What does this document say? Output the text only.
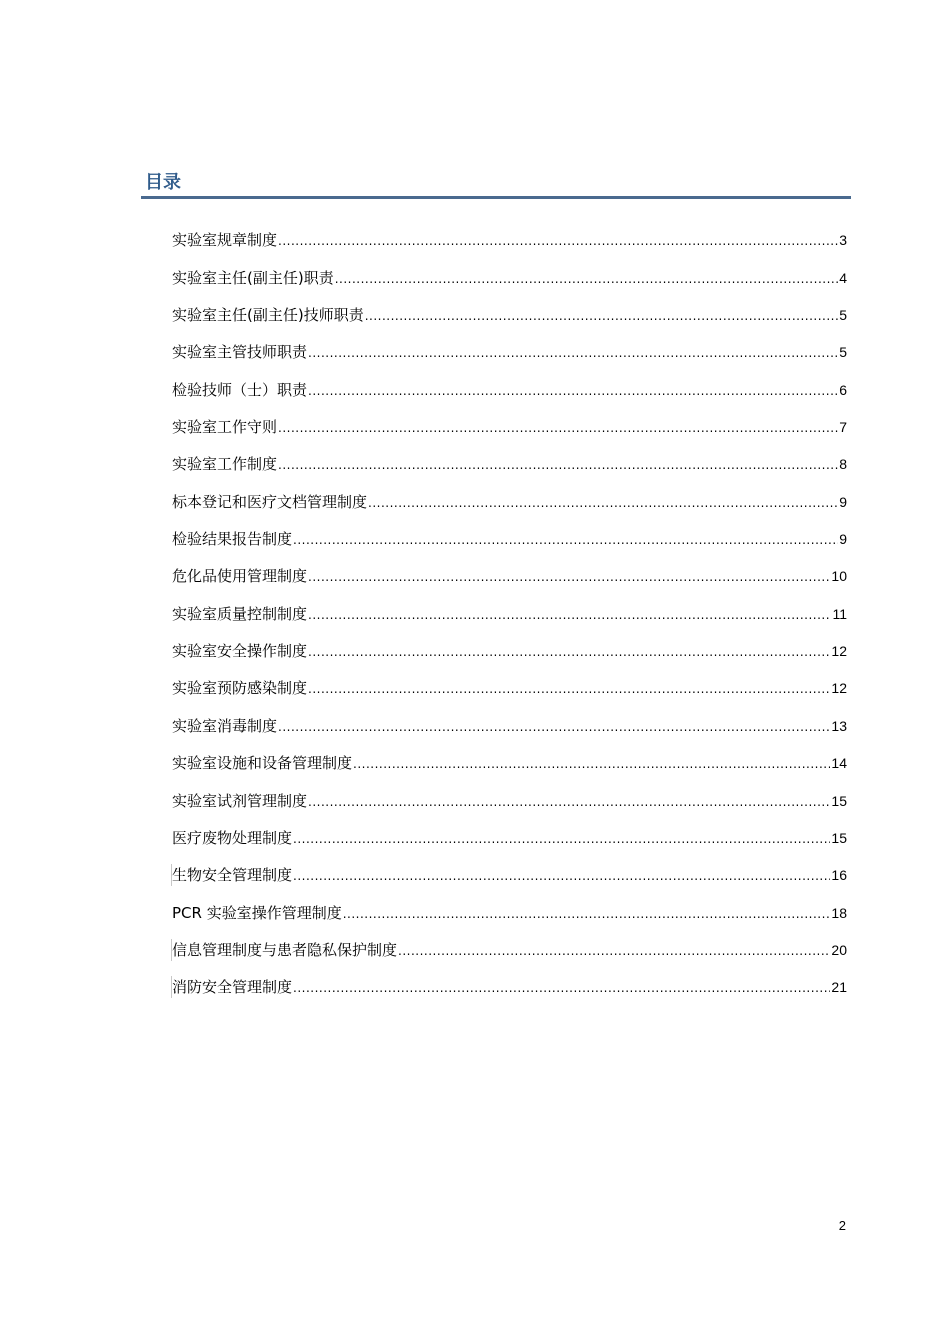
目录
实验室规章制度 .....	3
实验室主任(副主任)职责 .....	4
实验室主任(副主任)技师职责 .....	5
实验室主管技师职责 .....	5
检验技师（士）职责 .....	6
实验室工作守则 .....	7
实验室工作制度 .....	8
标本登记和医疗文档管理制度 .....	9
检验结果报告制度 .....	9
危化品使用管理制度 .....	10
实验室质量控制制度 .....	11
实验室安全操作制度 .....	12
实验室预防感染制度 .....	12
实验室消毒制度 .....	13
实验室设施和设备管理制度 .....	14
实验室试剂管理制度 .....	15
医疗废物处理制度 .....	15
生物安全管理制度 .....	16
PCR 实验室操作管理制度 .....	18
信息管理制度与患者隐私保护制度 .....	20
消防安全管理制度 .....	21
2
